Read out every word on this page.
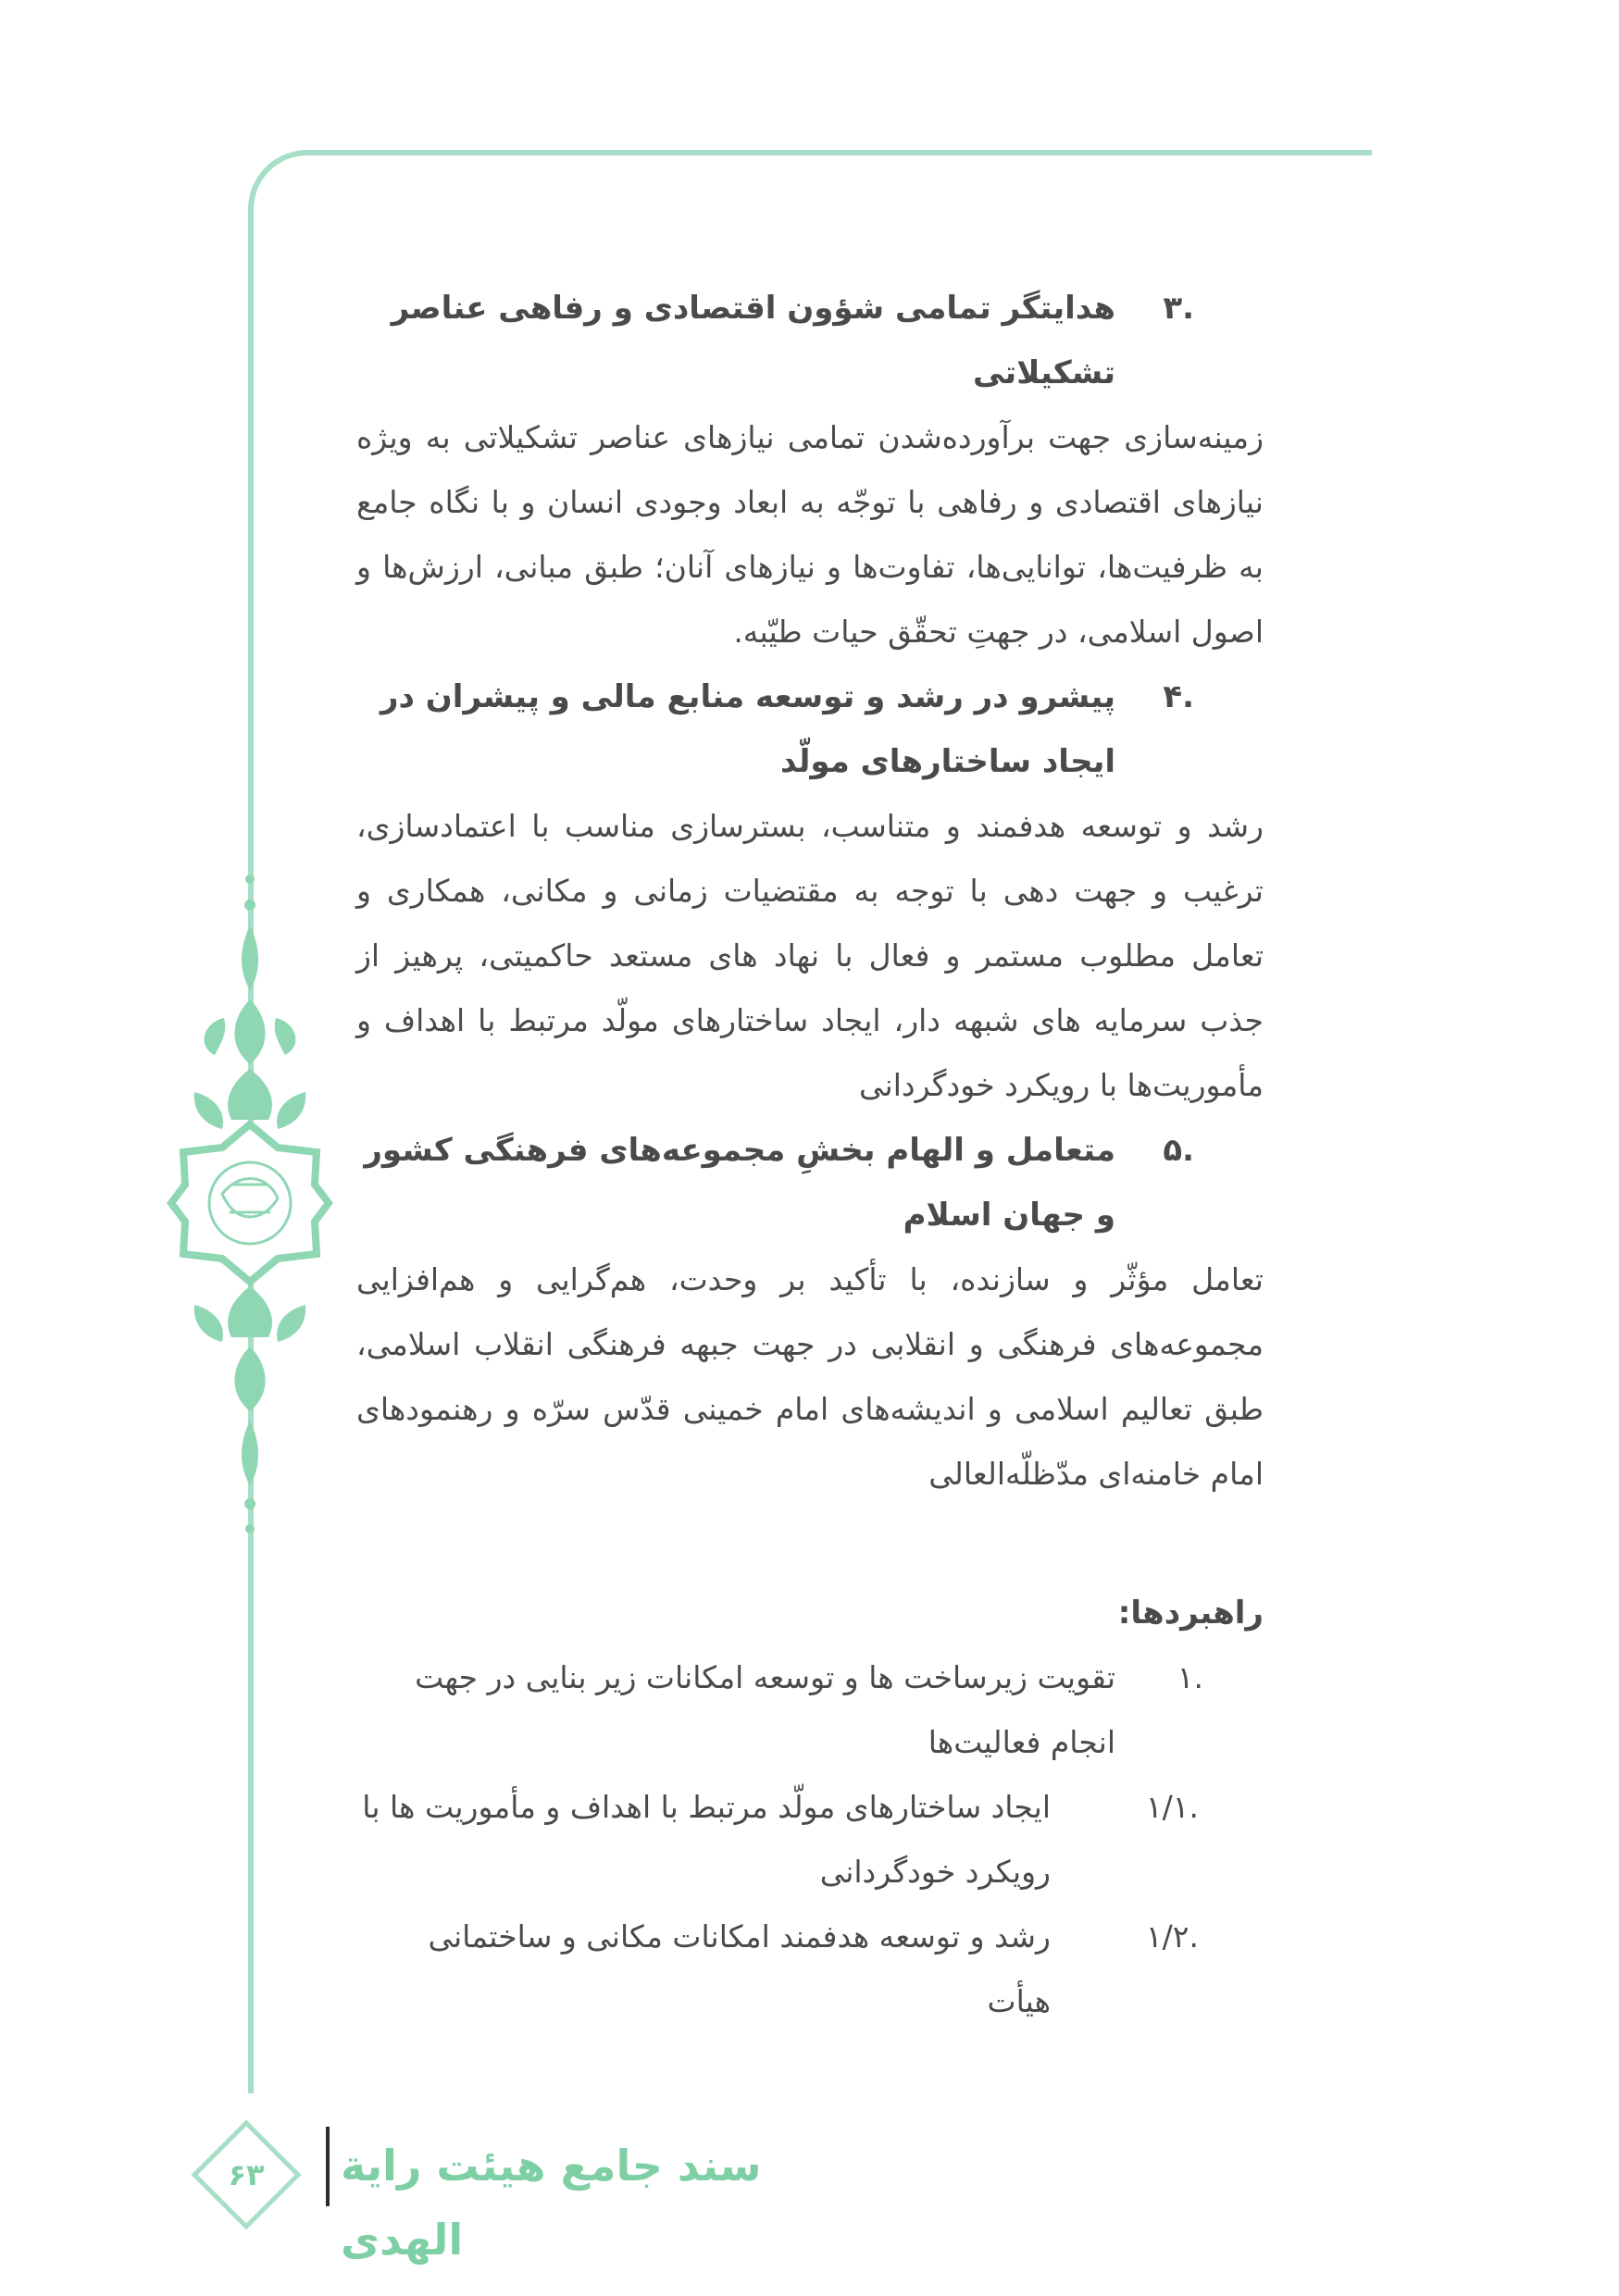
.۳
هدایتگر تمامی شؤون اقتصادی و رفاهی عناصر تشکیلاتی

زمینه‌سازی جهت برآورده‌شدن تمامی نیازهای عناصر تشکیلاتی به ویژه نیازهای اقتصادی و رفاهی با توجّه به ابعاد وجودی انسان و با نگاه جامع به ظرفیت‌ها، توانایی‌ها، تفاوت‌ها و نیازهای آنان؛ طبق مبانی، ارزش‌ها و اصول اسلامی، در جهتِ تحقّق حیات طیّبه.

.۴
پیشرو در رشد و توسعه منابع مالی و پیشران در ایجاد ساختارهای مولّد

رشد و توسعه هدفمند و متناسب، بسترسازی مناسب با اعتمادسازی، ترغیب و جهت دهی با توجه به مقتضیات زمانی و مکانی، همکاری و تعامل مطلوب مستمر و فعال با نهاد های مستعد حاکمیتی، پرهیز از جذب سرمایه های شبهه دار، ایجاد ساختارهای مولّد مرتبط با اهداف و مأموریت‌ها با رویکرد خودگردانی

.۵
متعامل و الهام بخشِ مجموعه‌های فرهنگی کشور و جهان اسلام

تعامل مؤثّر و سازنده، با تأکید بر وحدت، هم‌گرایی و هم‌افزایی مجموعه‌های فرهنگی و انقلابی در جهت جبهه فرهنگی انقلاب اسلامی، طبق تعالیم اسلامی و اندیشه‌های امام خمینی قدّس سرّه و رهنمودهای امام خامنه‌ای مدّظلّه‌العالی

راهبردها:
.۱
تقویت زیرساخت ها و توسعه امکانات زیر بنایی در جهت انجام فعالیت‌ها
.۱/۱
ایجاد ساختارهای مولّد مرتبط با اهداف و مأموریت ها با رویکرد خودگردانی
.۱/۲
رشد و توسعه هدفمند امکانات مکانی و ساختمانی هیأت
۶۳	سند جامع هیئت رایة الهدی
